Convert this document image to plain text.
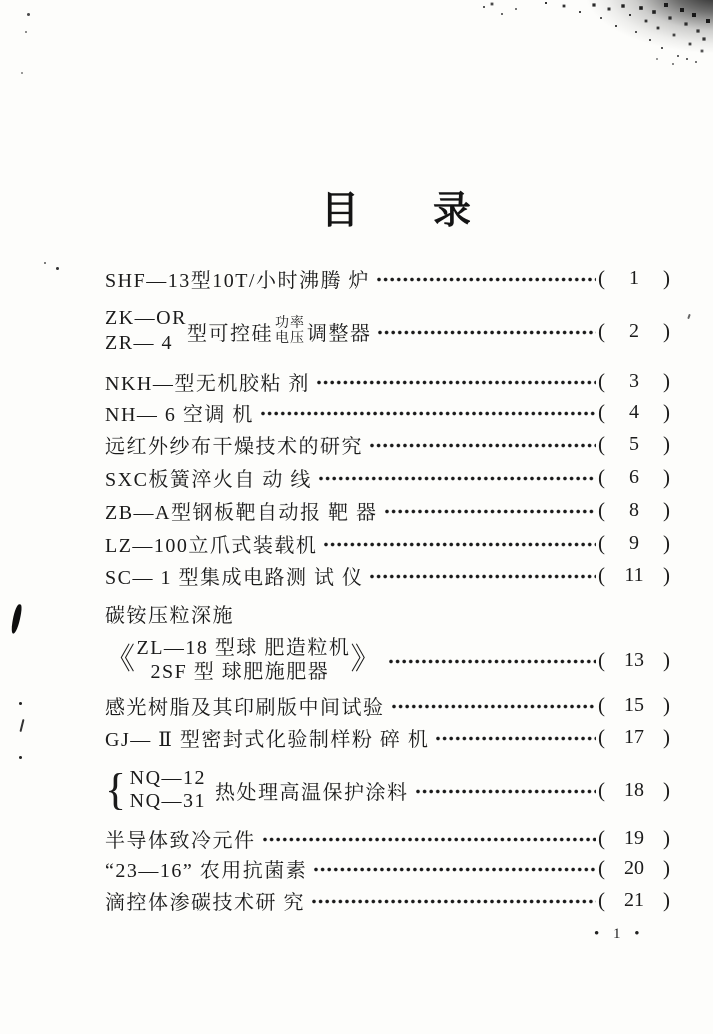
目录
SHF—13型10T/小时沸腾 炉	(	1	)
ZK—OR
ZR— 4 型可控硅 功率
电压 调整器	(	2	)
NKH—型无机胶粘 剂	(	3	)
NH— 6 空调 机	(	4	)
远红外纱布干燥技术的研究	(	5	)
SXC板簧淬火自 动 线	(	6	)
ZB—A型钢板靶自动报 靶 器	(	8	)
LZ—100立爪式装载机	(	9	)
SC— 1 型集成电路测 试 仪	( 11 )
碳铵压粒深施
《 ZL—18 型球 肥造粒机
2SF 型 球肥施肥器 》	( 13 )
感光树脂及其印刷版中间试验	( 15 )
GJ— Ⅱ 型密封式化验制样粉 碎 机	( 17 )
{ NQ—12
NQ—31 热处理高温保护涂料	( 18 )
半导体致冷元件	( 19 )
“23—16” 农用抗菌素	( 20 )
滴控体渗碳技术研 究	( 21 )
• 1 •
